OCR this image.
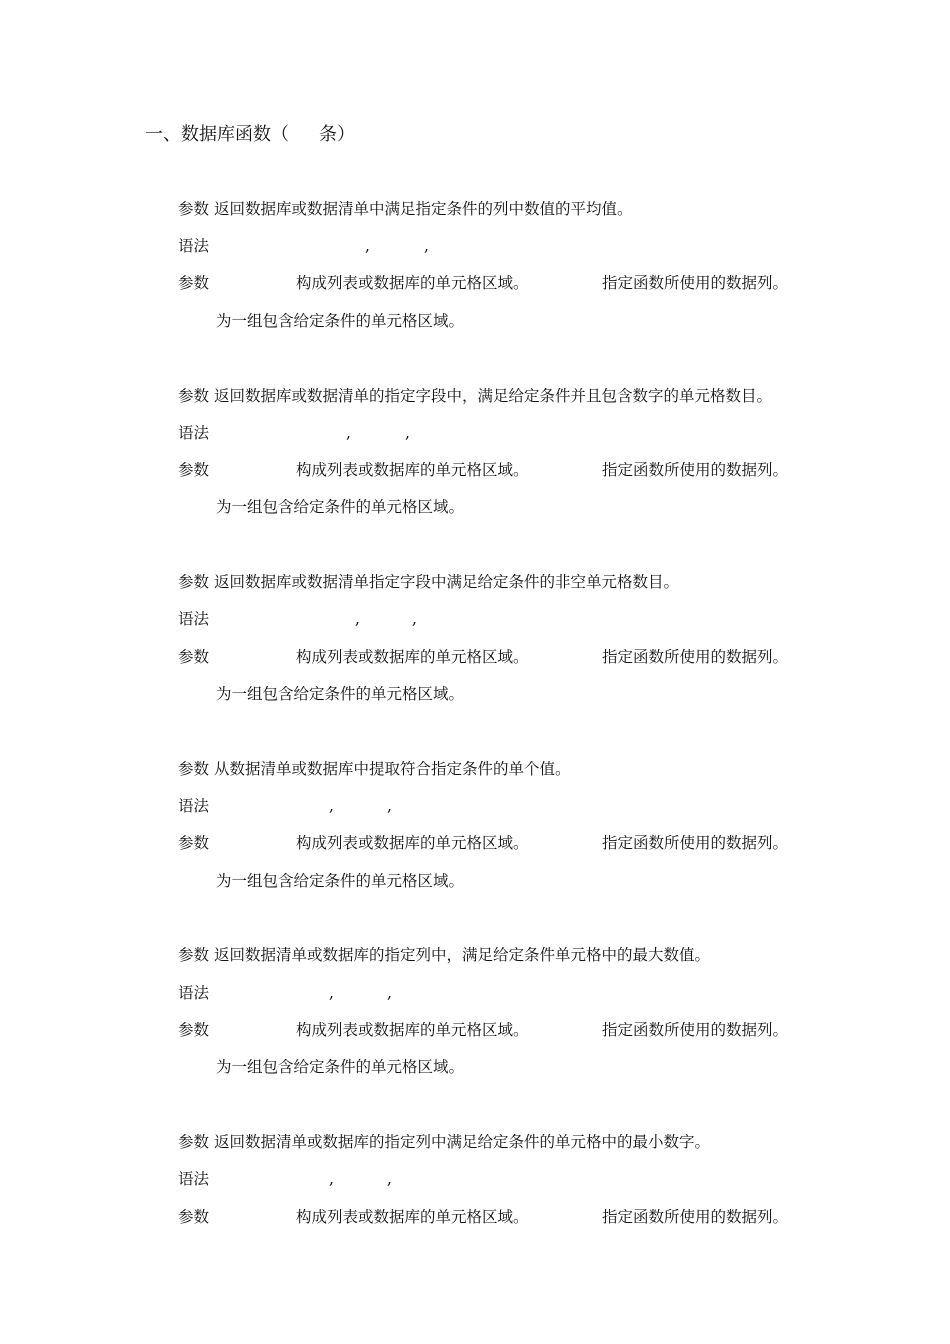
一、数据库函数（ 条）
参数 返回数据库或数据清单中满足指定条件的列中数值的平均值。
语法	,	,
参数	构成列表或数据库的单元格区域。	指定函数所使用的数据列。
为一组包含给定条件的单元格区域。
参数 返回数据库或数据清单的指定字段中，满足给定条件并且包含数字的单元格数目。
语法	,	,
参数	构成列表或数据库的单元格区域。	指定函数所使用的数据列。
为一组包含给定条件的单元格区域。
参数 返回数据库或数据清单指定字段中满足给定条件的非空单元格数目。
语法	,	,
参数	构成列表或数据库的单元格区域。	指定函数所使用的数据列。
为一组包含给定条件的单元格区域。
参数 从数据清单或数据库中提取符合指定条件的单个值。
语法	,	,
参数	构成列表或数据库的单元格区域。	指定函数所使用的数据列。
为一组包含给定条件的单元格区域。
参数 返回数据清单或数据库的指定列中，满足给定条件单元格中的最大数值。
语法	,	,
参数	构成列表或数据库的单元格区域。	指定函数所使用的数据列。
为一组包含给定条件的单元格区域。
参数 返回数据清单或数据库的指定列中满足给定条件的单元格中的最小数字。
语法	,	,
参数	构成列表或数据库的单元格区域。	指定函数所使用的数据列。
